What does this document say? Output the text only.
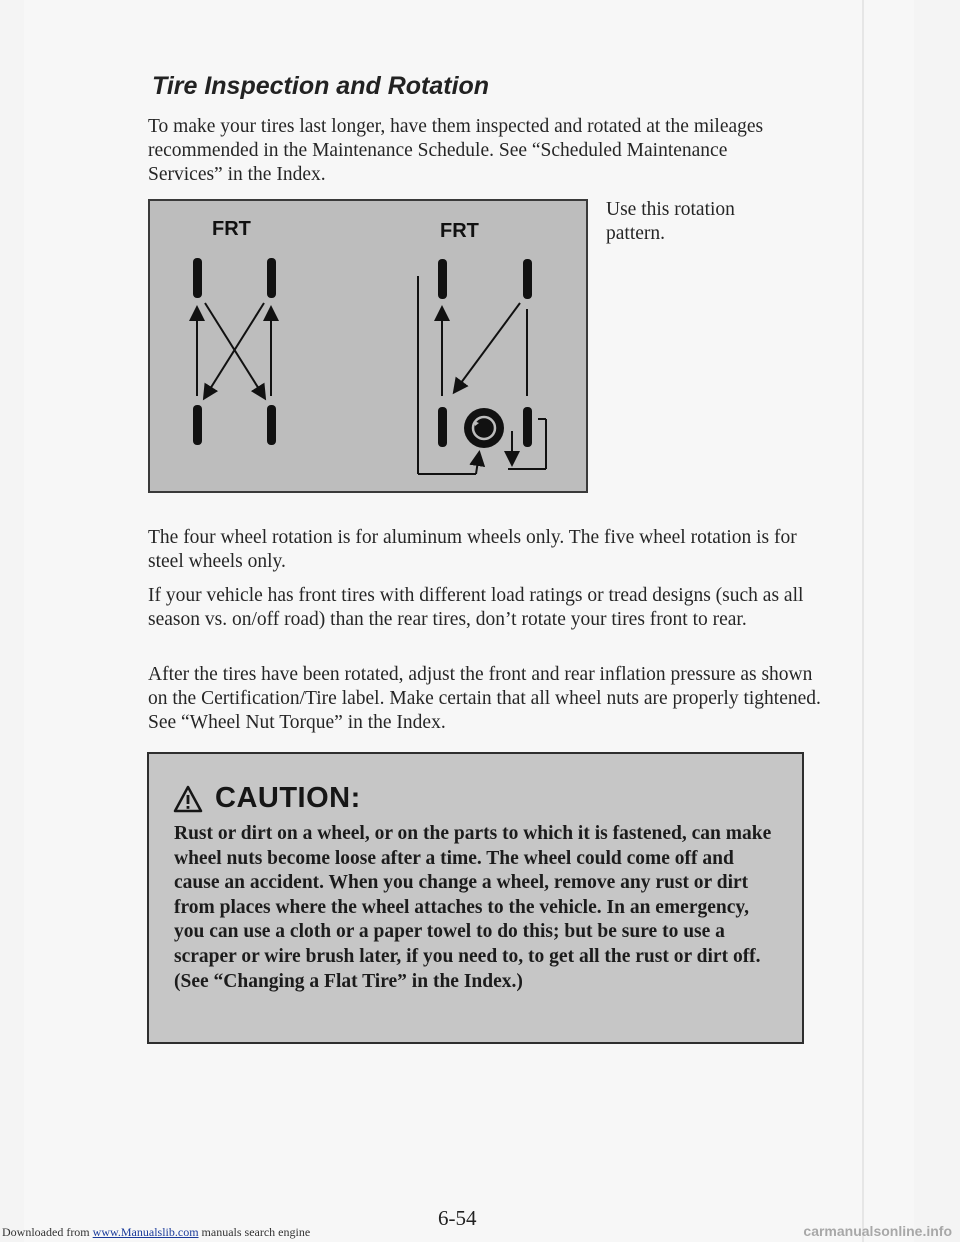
Tire Inspection and Rotation

To make your tires last longer, have them inspected and rotated at the mileages recommended in the Maintenance Schedule. See “Scheduled Maintenance Services” in the Index.

FRT	FRT

Use this rotation pattern.

The four wheel rotation is for aluminum wheels only. The five wheel rotation is for steel wheels only.

If your vehicle has front tires with different load ratings or tread designs (such as all season vs. on/off road) than the rear tires, don’t rotate your tires front to rear.

After the tires have been rotated, adjust the front and rear inflation pressure as shown on the Certification/Tire label. Make certain that all wheel nuts are properly tightened. See “Wheel Nut Torque” in the Index.

CAUTION:

Rust or dirt on a wheel, or on the parts to which it is fastened, can make wheel nuts become loose after a time. The wheel could come off and cause an accident. When you change a wheel, remove any rust or dirt from places where the wheel attaches to the vehicle. In an emergency, you can use a cloth or a paper towel to do this; but be sure to use a scraper or wire brush later, if you need to, to get all the rust or dirt off. (See “Changing a Flat Tire” in the Index.)

6-54
Downloaded from www.Manualslib.com manuals search engine	carmanualsonline.info
